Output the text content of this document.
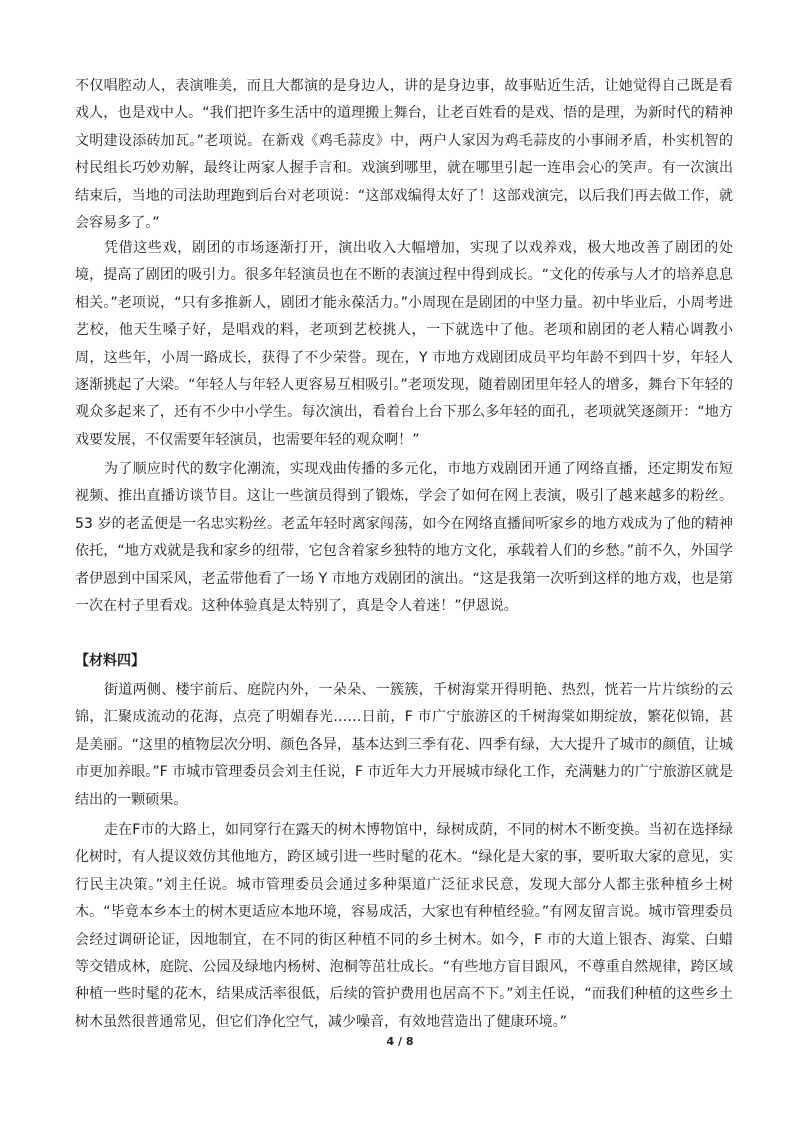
不仅唱腔动人，表演唯美，而且大都演的是身边人，讲的是身边事，故事贴近生活，让她觉得自己既是看戏人，也是戏中人。“我们把许多生活中的道理搬上舞台，让老百姓看的是戏、悟的是理，为新时代的精神文明建设添砖加瓦。”老项说。在新戏《鸡毛蒜皮》中，两户人家因为鸡毛蒜皮的小事闹矛盾，朴实机智的村民组长巧妙劝解，最终让两家人握手言和。戏演到哪里，就在哪里引起一连串会心的笑声。有一次演出结束后，当地的司法助理跑到后台对老项说：“这部戏编得太好了！这部戏演完，以后我们再去做工作，就会容易多了。”

凭借这些戏，剧团的市场逐渐打开，演出收入大幅增加，实现了以戏养戏，极大地改善了剧团的处境，提高了剧团的吸引力。很多年轻演员也在不断的表演过程中得到成长。“文化的传承与人才的培养息息相关。”老项说，“只有多推新人，剧团才能永葆活力。”小周现在是剧团的中坚力量。初中毕业后，小周考进艺校，他天生嗓子好，是唱戏的料，老项到艺校挑人，一下就选中了他。老项和剧团的老人精心调教小周，这些年，小周一路成长，获得了不少荣誉。现在，Y 市地方戏剧团成员平均年龄不到四十岁，年轻人逐渐挑起了大梁。“年轻人与年轻人更容易互相吸引。”老项发现，随着剧团里年轻人的增多，舞台下年轻的观众多起来了，还有不少中小学生。每次演出，看着台上台下那么多年轻的面孔，老项就笑逐颜开：“地方戏要发展，不仅需要年轻演员，也需要年轻的观众啊！”

为了顺应时代的数字化潮流，实现戏曲传播的多元化，市地方戏剧团开通了网络直播，还定期发布短视频、推出直播访谈节目。这让一些演员得到了锻炼，学会了如何在网上表演，吸引了越来越多的粉丝。53 岁的老孟便是一名忠实粉丝。老孟年轻时离家闯荡，如今在网络直播间听家乡的地方戏成为了他的精神依托，“地方戏就是我和家乡的纽带，它包含着家乡独特的地方文化，承载着人们的乡愁。”前不久，外国学者伊恩到中国采风，老孟带他看了一场 Y 市地方戏剧团的演出。“这是我第一次听到这样的地方戏，也是第一次在村子里看戏。这种体验真是太特别了，真是令人着迷！”伊恩说。

【材料四】

街道两侧、楼宇前后、庭院内外，一朵朵、一簇簇，千树海棠开得明艳、热烈，恍若一片片缤纷的云锦，汇聚成流动的花海，点亮了明媚春光……日前，F 市广宁旅游区的千树海棠如期绽放，繁花似锦，甚是美丽。“这里的植物层次分明、颜色各异，基本达到三季有花、四季有绿，大大提升了城市的颜值，让城市更加养眼。”F 市城市管理委员会刘主任说，F 市近年大力开展城市绿化工作，充满魅力的广宁旅游区就是结出的一颗硕果。

走在F市的大路上，如同穿行在露天的树木博物馆中，绿树成荫，不同的树木不断变换。当初在选择绿化树时，有人提议效仿其他地方，跨区域引进一些时髦的花木。“绿化是大家的事，要听取大家的意见，实行民主决策。”刘主任说。城市管理委员会通过多种渠道广泛征求民意，发现大部分人都主张种植乡土树木。“毕竟本乡本土的树木更适应本地环境，容易成活，大家也有种植经验。”有网友留言说。城市管理委员会经过调研论证，因地制宜，在不同的街区种植不同的乡土树木。如今，F 市的大道上银杏、海棠、白蜡等交错成林，庭院、公园及绿地内杨树、泡桐等茁壮成长。“有些地方盲目跟风，不尊重自然规律，跨区域种植一些时髦的花木，结果成活率很低，后续的管护费用也居高不下。”刘主任说，“而我们种植的这些乡土树木虽然很普通常见，但它们净化空气，减少噪音，有效地营造出了健康环境。”

4 / 8
